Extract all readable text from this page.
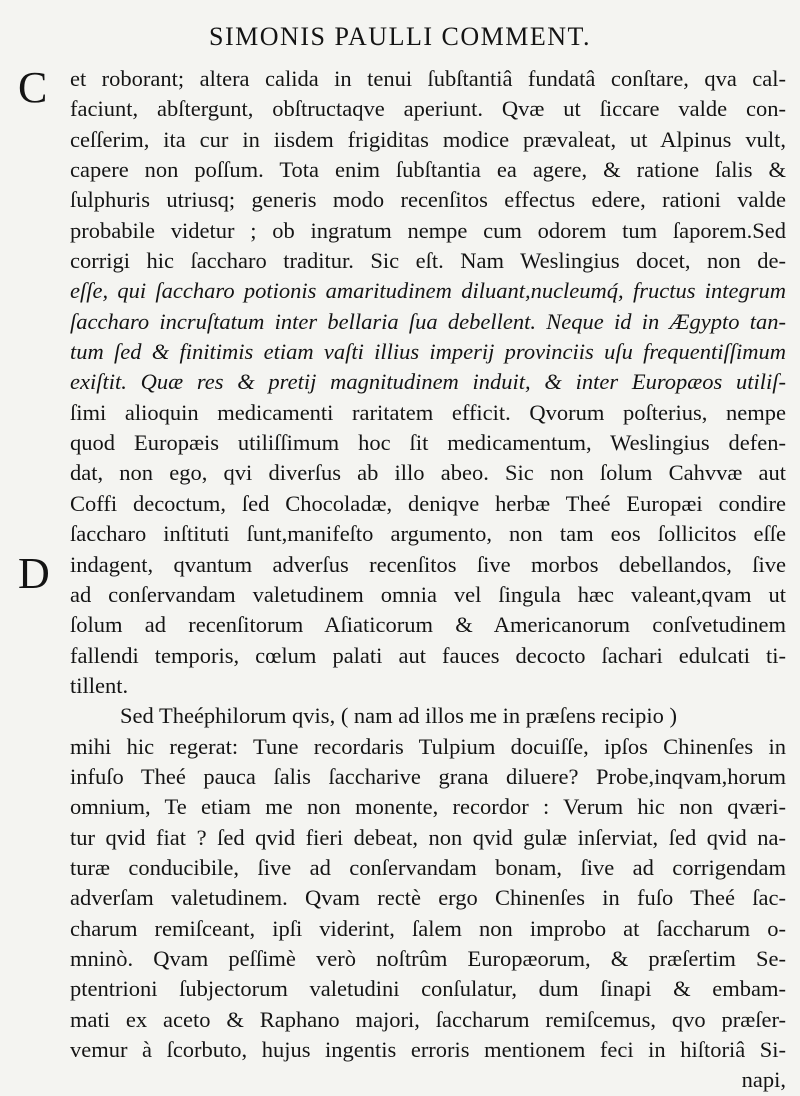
SIMONIS PAULLI COMMENT.
C
D
et roborant; altera calida in tenui ſubſtantiâ fundatâ conſtare, qva cal-
faciunt, abſtergunt, obſtructaqve aperiunt. Qvæ ut ſiccare valde con-
ceſſerim, ita cur in iisdem frigiditas modice prævaleat, ut Alpinus vult,
capere non poſſum. Tota enim ſubſtantia ea agere, & ratione ſalis &
ſulphuris utriusq; generis modo recenſitos effectus edere, rationi valde
probabile videtur ; ob ingratum nempe cum odorem tum ſaporem.Sed
corrigi hic ſaccharo traditur. Sic eſt. Nam Weslingius docet, non de-
eſſe, qui ſaccharo potionis amaritudinem diluant,nucleumq́, fructus integrum
ſaccharo incruſtatum inter bellaria ſua debellent. Neque id in Ægypto tan-
tum ſed & finitimis etiam vaſti illius imperij provinciis uſu frequentiſſimum
exiſtit. Quæ res & pretij magnitudinem induit, & inter Europæos utiliſ-
ſimi alioquin medicamenti raritatem efficit. Qvorum poſterius, nempe
quod Europæis utiliſſimum hoc ſit medicamentum, Weslingius defen-
dat, non ego, qvi diverſus ab illo abeo. Sic non ſolum Cahvvæ aut
Coffi decoctum, ſed Chocoladæ, deniqve herbæ Theé Europæi condire
ſaccharo inſtituti ſunt,manifeſto argumento, non tam eos ſollicitos eſſe
indagent, qvantum adverſus recenſitos ſive morbos debellandos, ſive
ad conſervandam valetudinem omnia vel ſingula hæc valeant,qvam ut
ſolum ad recenſitorum Aſiaticorum & Americanorum conſvetudinem
fallendi temporis, cœlum palati aut fauces decocto ſachari edulcati ti-
tillent.
Sed Theéphilorum qvis, ( nam ad illos me in præſens recipio )
mihi hic regerat: Tune recordaris Tulpium docuiſſe, ipſos Chinenſes in
infuſo Theé pauca ſalis ſaccharive grana diluere? Probe,inqvam,horum
omnium, Te etiam me non monente, recordor : Verum hic non qværi-
tur qvid fiat ? ſed qvid fieri debeat, non qvid gulæ inſerviat, ſed qvid na-
turæ conducibile, ſive ad conſervandam bonam, ſive ad corrigendam
adverſam valetudinem. Qvam rectè ergo Chinenſes in fuſo Theé ſac-
charum remiſceant, ipſi viderint, ſalem non improbo at ſaccharum o-
mninò. Qvam peſſimè verò noſtrûm Europæorum, & præſertim Se-
ptentrioni ſubjectorum valetudini conſulatur, dum ſinapi & embam-
mati ex aceto & Raphano majori, ſaccharum remiſcemus, qvo præſer-
vemur à ſcorbuto, hujus ingentis erroris mentionem feci in hiſtoriâ Si-
napi,
